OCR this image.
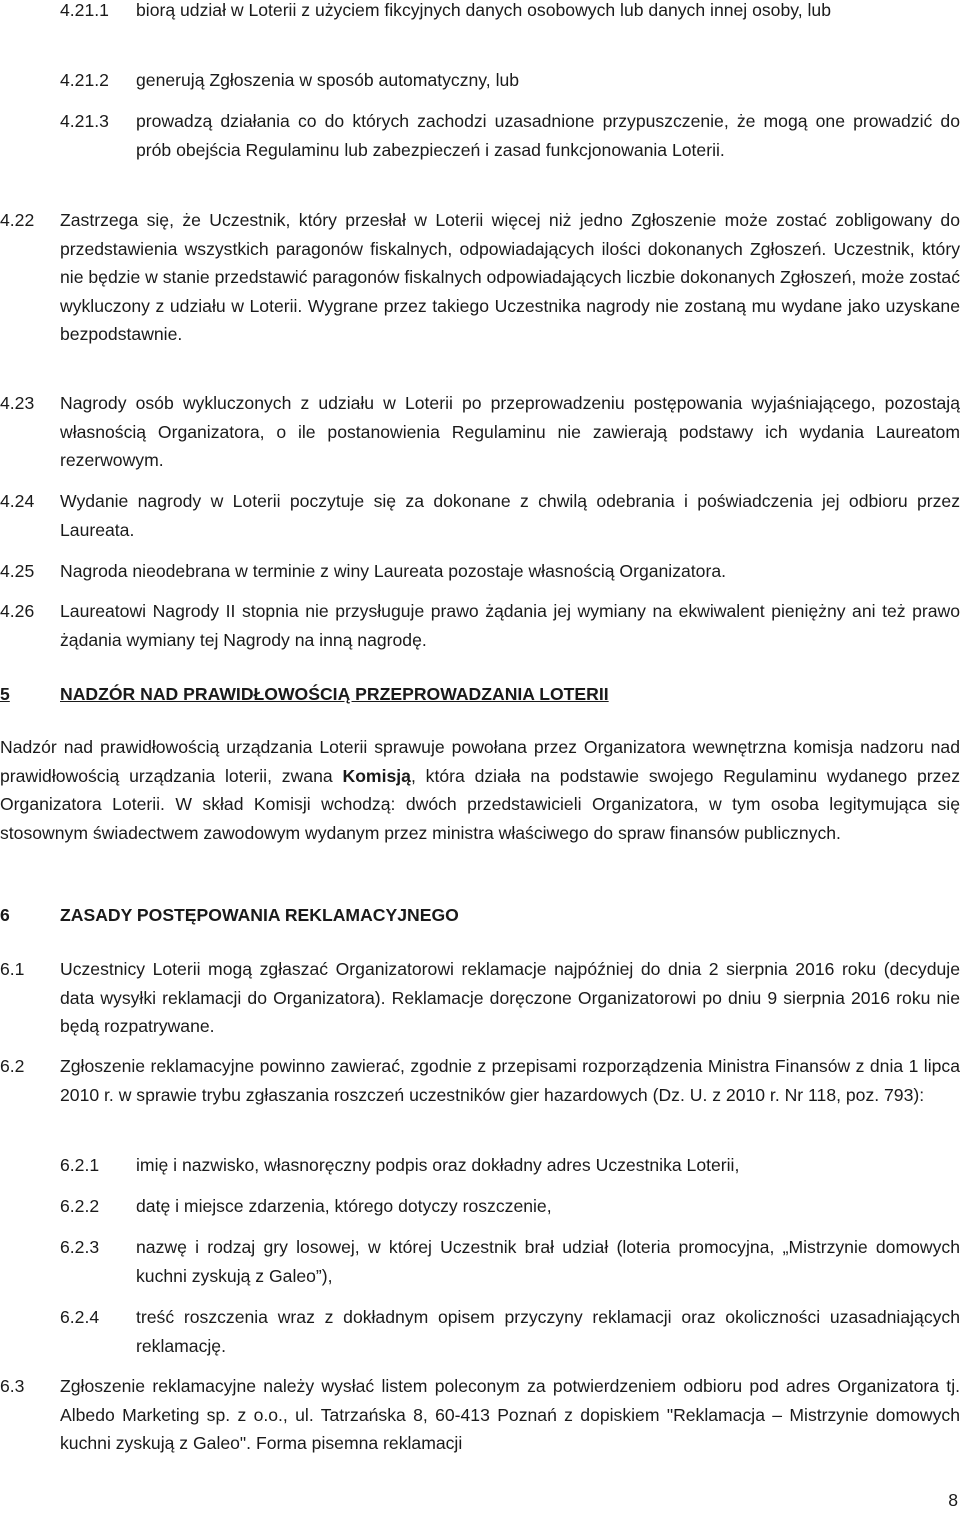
4.21.1	biorą udział w Loterii z użyciem fikcyjnych danych osobowych lub danych innej osoby, lub
4.21.2	generują Zgłoszenia w sposób automatyczny, lub
4.21.3	prowadzą działania co do których zachodzi uzasadnione przypuszczenie, że mogą one prowadzić do prób obejścia Regulaminu lub zabezpieczeń i zasad funkcjonowania Loterii.
4.22	Zastrzega się, że Uczestnik, który przesłał w Loterii więcej niż jedno Zgłoszenie może zostać zobligowany do przedstawienia wszystkich paragonów fiskalnych, odpowiadających ilości dokonanych Zgłoszeń. Uczestnik, który nie będzie w stanie przedstawić paragonów fiskalnych odpowiadających liczbie dokonanych Zgłoszeń, może zostać wykluczony z udziału w Loterii. Wygrane przez takiego Uczestnika nagrody nie zostaną mu wydane jako uzyskane bezpodstawnie.
4.23	Nagrody osób wykluczonych z udziału w Loterii po przeprowadzeniu postępowania wyjaśniającego, pozostają własnością Organizatora, o ile postanowienia Regulaminu nie zawierają podstawy ich wydania Laureatom rezerwowym.
4.24	Wydanie nagrody w Loterii poczytuje się za dokonane z chwilą odebrania i poświadczenia jej odbioru przez Laureata.
4.25	Nagroda nieodebrana w terminie z winy Laureata pozostaje własnością Organizatora.
4.26	Laureatowi Nagrody II stopnia nie przysługuje prawo żądania jej wymiany na ekwiwalent pieniężny ani też prawo żądania wymiany tej Nagrody na inną nagrodę.
5	NADZÓR NAD PRAWIDŁOWOŚCIĄ PRZEPROWADZANIA LOTERII
Nadzór nad prawidłowością urządzania Loterii sprawuje powołana przez Organizatora wewnętrzna komisja nadzoru nad prawidłowością urządzania loterii, zwana Komisją, która działa na podstawie swojego Regulaminu wydanego przez Organizatora Loterii. W skład Komisji wchodzą: dwóch przedstawicieli Organizatora, w tym osoba legitymująca się stosownym świadectwem zawodowym wydanym przez ministra właściwego do spraw finansów publicznych.
6	ZASADY POSTĘPOWANIA REKLAMACYJNEGO
6.1	Uczestnicy Loterii mogą zgłaszać Organizatorowi reklamacje najpóźniej do dnia 2 sierpnia 2016 roku (decyduje data wysyłki reklamacji do Organizatora). Reklamacje doręczone Organizatorowi po dniu 9 sierpnia 2016 roku nie będą rozpatrywane.
6.2	Zgłoszenie reklamacyjne powinno zawierać, zgodnie z przepisami rozporządzenia Ministra Finansów z dnia 1 lipca 2010 r. w sprawie trybu zgłaszania roszczeń uczestników gier hazardowych (Dz. U. z 2010 r. Nr 118, poz. 793):
6.2.1	imię i nazwisko, własnoręczny podpis oraz dokładny adres Uczestnika Loterii,
6.2.2	datę i miejsce zdarzenia, którego dotyczy roszczenie,
6.2.3	nazwę i rodzaj gry losowej, w której Uczestnik brał udział (loteria promocyjna, „Mistrzynie domowych kuchni zyskują z Galeo”),
6.2.4	treść roszczenia wraz z dokładnym opisem przyczyny reklamacji oraz okoliczności uzasadniających reklamację.
6.3	Zgłoszenie reklamacyjne należy wysłać listem poleconym za potwierdzeniem odbioru pod adres Organizatora tj. Albedo Marketing sp. z o.o., ul. Tatrzańska 8, 60-413 Poznań z dopiskiem "Reklamacja – Mistrzynie domowych kuchni zyskują z Galeo". Forma pisemna reklamacji
8
